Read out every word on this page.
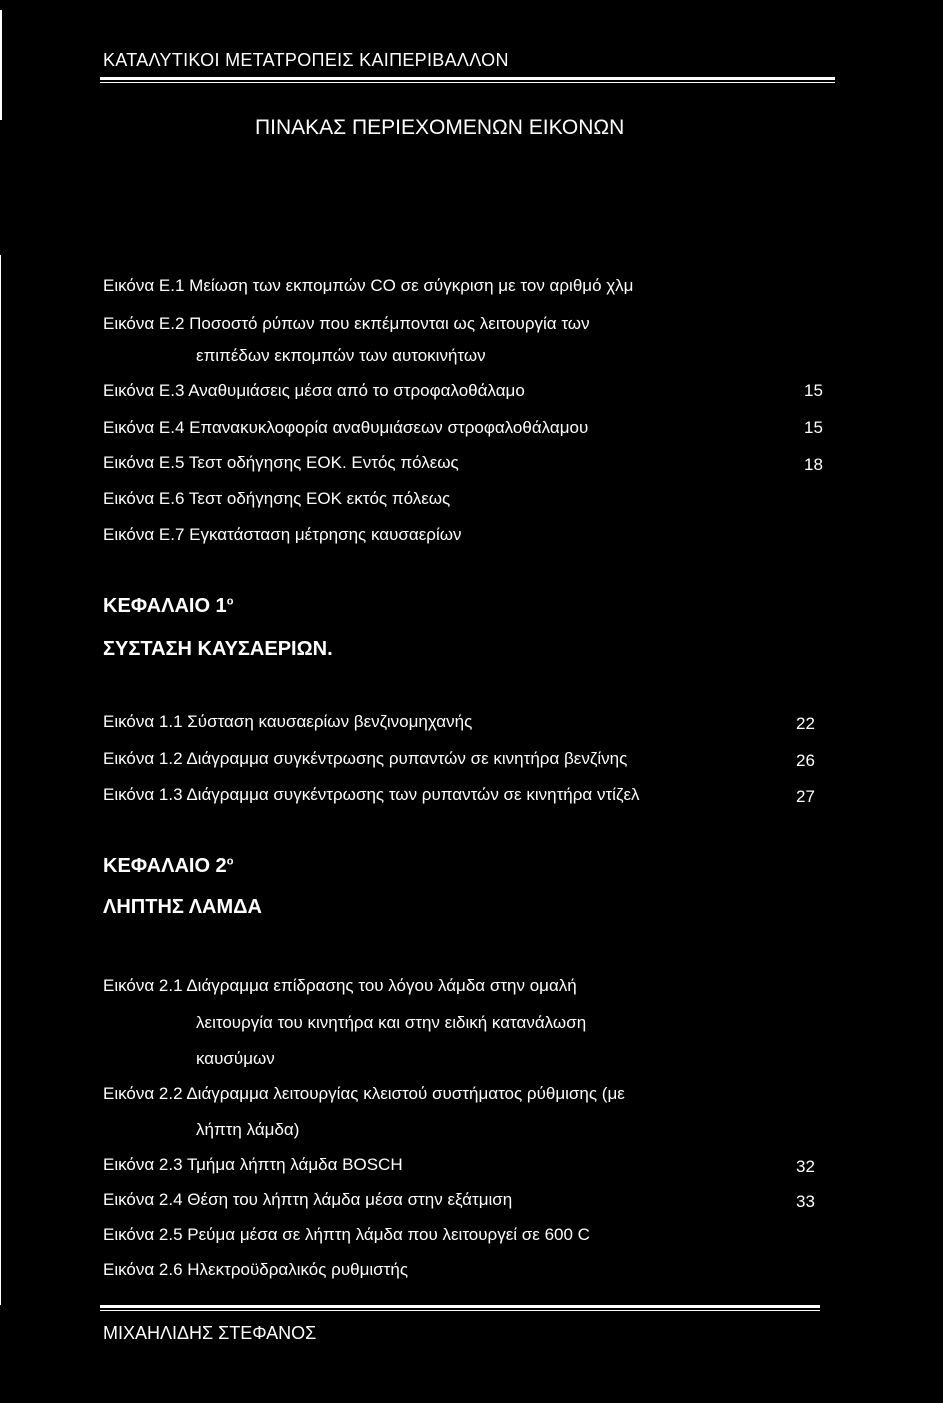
ΚΑΤΑΛΥΤΙΚΟΙ ΜΕΤΑΤΡΟΠΕΙΣ ΚΑΙΠΕΡΙΒΑΛΛΟΝ
ΠΙΝΑΚΑΣ ΠΕΡΙΕΧΟΜΕΝΩΝ ΕΙΚΟΝΩΝ
Εικόνα Ε.1 Μείωση των εκπομπών CO σε σύγκριση με τον αριθμό χλμ
Εικόνα Ε.2 Ποσοστό ρύπων που εκπέμπονται ως λειτουργία των
επιπέδων εκπομπών των αυτοκινήτων
Εικόνα Ε.3 Αναθυμιάσεις μέσα από το στροφαλοθάλαμο	15
Εικόνα Ε.4 Επανακυκλοφορία αναθυμιάσεων στροφαλοθάλαμου	15
Εικόνα Ε.5 Τεστ οδήγησης ΕΟΚ. Εντός πόλεως	18
Εικόνα Ε.6 Τεστ οδήγησης ΕΟΚ εκτός πόλεως
Εικόνα Ε.7 Εγκατάσταση μέτρησης καυσαερίων
ΚΕΦΑΛΑΙΟ $1^o$
ΣΥΣΤΑΣΗ ΚΑΥΣΑΕΡΙΩΝ.
Εικόνα 1.1 Σύσταση καυσαερίων βενζινομηχανής	22
Εικόνα 1.2 Διάγραμμα συγκέντρωσης ρυπαντών σε κινητήρα βενζίνης	26
Εικόνα 1.3 Διάγραμμα συγκέντρωσης των ρυπαντών σε κινητήρα ντίζελ	27
ΚΕΦΑΛΑΙΟ $2^o$
ΛΗΠΤΗΣ ΛΑΜΔΑ
Εικόνα 2.1 Διάγραμμα επίδρασης του λόγου λάμδα στην ομαλή
λειτουργία του κινητήρα και στην ειδική κατανάλωση
καυσύμων
Εικόνα 2.2 Διάγραμμα λειτουργίας κλειστού συστήματος ρύθμισης (με
λήπτη λάμδα)
Εικόνα 2.3 Τμήμα λήπτη λάμδα BOSCH	32
Εικόνα 2.4 Θέση του λήπτη λάμδα μέσα στην εξάτμιση	33
Εικόνα 2.5 Ρεύμα μέσα σε λήπτη λάμδα που λειτουργεί σε 600 C
Εικόνα 2.6 Ηλεκτροϋδραλικός ρυθμιστής
ΜΙΧΑΗΛΙΔΗΣ ΣΤΕΦΑΝΟΣ
